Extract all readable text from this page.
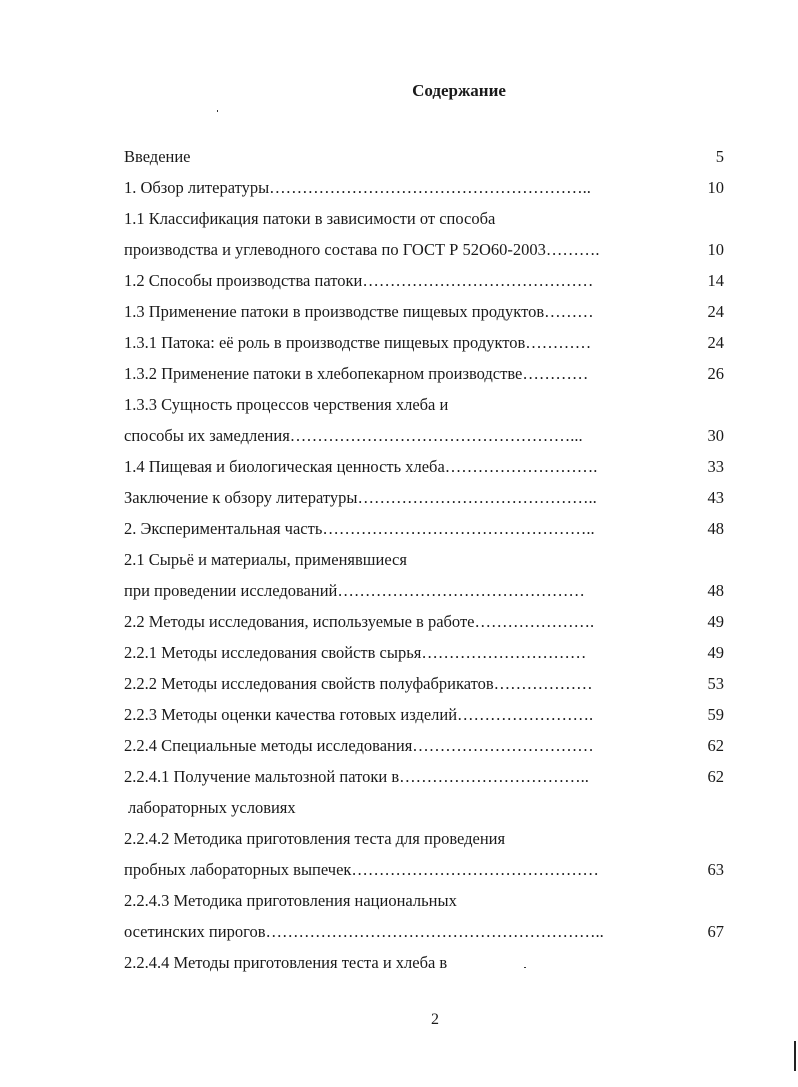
Содержание
Введение	5
1. Обзор литературы…………………………………………………..	10
1.1 Классификация патоки в зависимости от способа
производства и углеводного состава по ГОСТ Р 52О60-2003……….	10
1.2 Способы производства патоки……………………………………	14
1.3 Применение патоки в производстве пищевых продуктов………	24
1.3.1 Патока: её роль в производстве пищевых продуктов…………	24
1.3.2 Применение патоки в хлебопекарном производстве…………	26
1.3.3 Сущность процессов черствения хлеба и
способы их замедления……………………………………………...	30
1.4 Пищевая и биологическая ценность хлеба……………………….	33
Заключение к обзору литературы……………………………………..	43
2. Экспериментальная часть…………………………………………..	48
2.1 Сырьё и материалы, применявшиеся
при проведении исследований………………………………………	48
2.2 Методы исследования, используемые в работе………………….	49
2.2.1 Методы исследования свойств сырья…………………………	49
2.2.2 Методы исследования свойств полуфабрикатов………………	53
2.2.3 Методы оценки качества готовых изделий…………………….	59
2.2.4 Специальные методы исследования……………………………	62
2.2.4.1 Получение мальтозной патоки в……………………………..	62
лабораторных условиях
2.2.4.2 Методика приготовления теста для проведения
пробных лабораторных выпечек………………………………………	63
2.2.4.3 Методика приготовления национальных
осетинских пирогов……………………………………………………..	67
2.2.4.4 Методы приготовления теста и хлеба в
2
